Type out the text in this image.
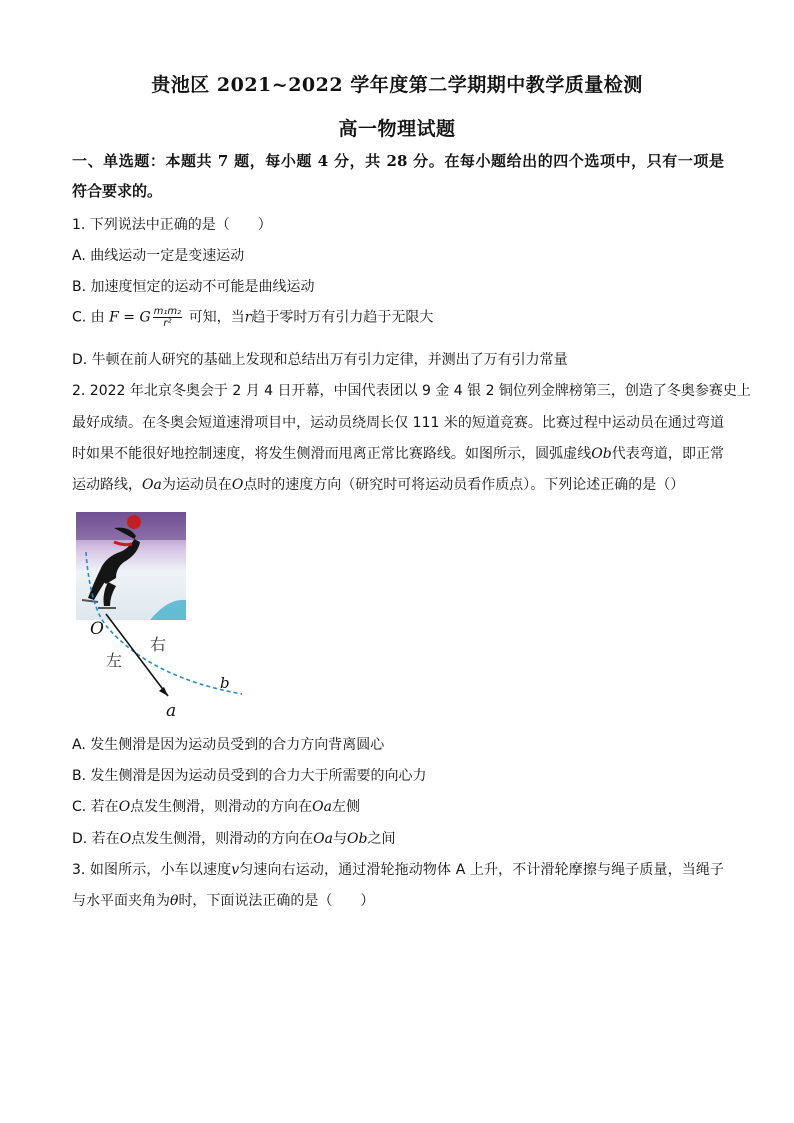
贵池区 2021~2022 学年度第二学期期中教学质量检测
高一物理试题
一、单选题：本题共 7 题，每小题 4 分，共 28 分。在每小题给出的四个选项中，只有一项是
符合要求的。
1. 下列说法中正确的是（　　）
A. 曲线运动一定是变速运动
B. 加速度恒定的运动不可能是曲线运动
C. 由 F = G $\frac{\text{m₁m₂}}{\text{r²}}$ 可知，当r趋于零时万有引力趋于无限大
D. 牛顿在前人研究的基础上发现和总结出万有引力定律，并测出了万有引力常量
2. 2022 年北京冬奥会于 2 月 4 日开幕，中国代表团以 9 金 4 银 2 铜位列金牌榜第三，创造了冬奥参赛史上
最好成绩。在冬奥会短道速滑项目中，运动员绕周长仅 111 米的短道竞赛。比赛过程中运动员在通过弯道
时如果不能很好地控制速度，将发生侧滑而甩离正常比赛路线。如图所示，圆弧虚线Ob代表弯道，即正常
运动路线，Oa为运动员在O点时的速度方向（研究时可将运动员看作质点）。下列论述正确的是（）
O
a
b
左
右
A. 发生侧滑是因为运动员受到的合力方向背离圆心
B. 发生侧滑是因为运动员受到的合力大于所需要的向心力
C. 若在O点发生侧滑，则滑动的方向在Oa左侧
D. 若在O点发生侧滑，则滑动的方向在Oa与Ob之间
3. 如图所示，小车以速度v匀速向右运动，通过滑轮拖动物体 A 上升，不计滑轮摩擦与绳子质量，当绳子
与水平面夹角为θ时，下面说法正确的是（　　）
